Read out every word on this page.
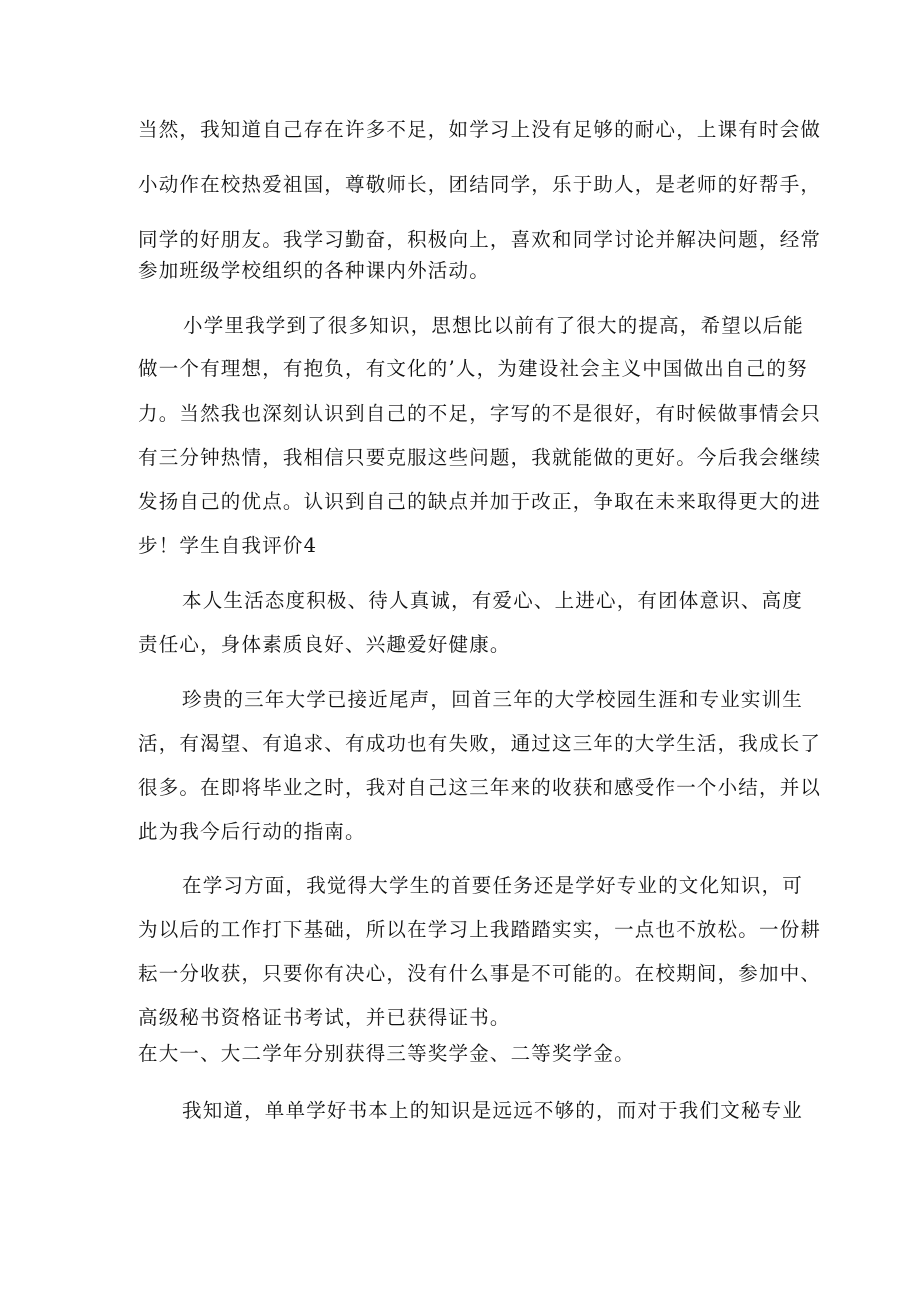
当然，我知道自己存在许多不足，如学习上没有足够的耐心，上课有时会做
小动作在校热爱祖国，尊敬师长，团结同学，乐于助人，是老师的好帮手，
同学的好朋友。我学习勤奋，积极向上，喜欢和同学讨论并解决问题，经常
参加班级学校组织的各种课内外活动。
小学里我学到了很多知识，思想比以前有了很大的提高，希望以后能
做一个有理想，有抱负，有文化的’人，为建设社会主义中国做出自己的努
力。当然我也深刻认识到自己的不足，字写的不是很好，有时候做事情会只
有三分钟热情，我相信只要克服这些问题，我就能做的更好。今后我会继续
发扬自己的优点。认识到自己的缺点并加于改正，争取在未来取得更大的进
步！学生自我评价4
本人生活态度积极、待人真诚，有爱心、上进心，有团体意识、高度
责任心，身体素质良好、兴趣爱好健康。
珍贵的三年大学已接近尾声，回首三年的大学校园生涯和专业实训生
活，有渴望、有追求、有成功也有失败，通过这三年的大学生活，我成长了
很多。在即将毕业之时，我对自己这三年来的收获和感受作一个小结，并以
此为我今后行动的指南。
在学习方面，我觉得大学生的首要任务还是学好专业的文化知识，可
为以后的工作打下基础，所以在学习上我踏踏实实，一点也不放松。一份耕
耘一分收获，只要你有决心，没有什么事是不可能的。在校期间，参加中、
高级秘书资格证书考试，并已获得证书。
在大一、大二学年分别获得三等奖学金、二等奖学金。
我知道，单单学好书本上的知识是远远不够的，而对于我们文秘专业
